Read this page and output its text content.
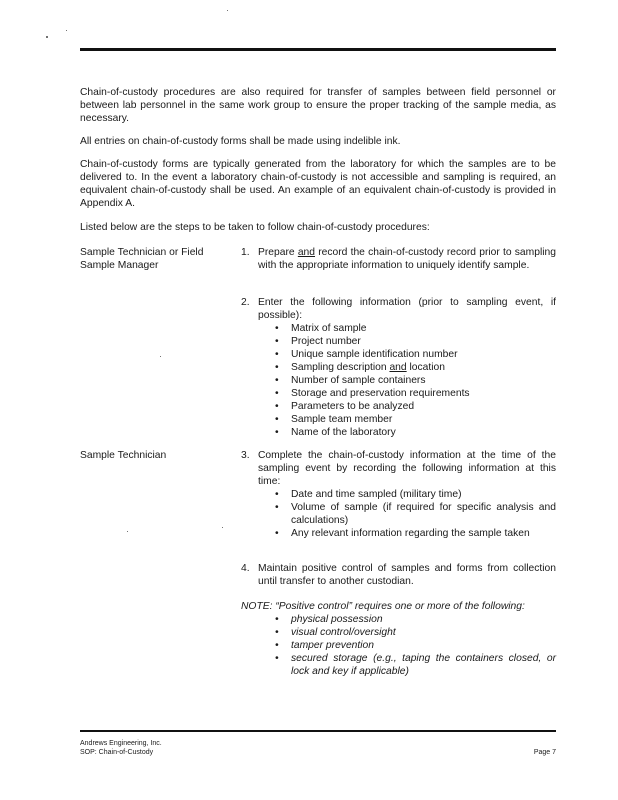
Chain-of-custody procedures are also required for transfer of samples between field personnel or between lab personnel in the same work group to ensure the proper tracking of the sample media, as necessary.

All entries on chain-of-custody forms shall be made using indelible ink.

Chain-of-custody forms are typically generated from the laboratory for which the samples are to be delivered to. In the event a laboratory chain-of-custody is not accessible and sampling is required, an equivalent chain-of-custody shall be used. An example of an equivalent chain-of-custody is provided in Appendix A.

Listed below are the steps to be taken to follow chain-of-custody procedures:

Sample Technician or Field Sample Manager

1. Prepare and record the chain-of-custody record prior to sampling with the appropriate information to uniquely identify sample.
2. Enter the following information (prior to sampling event, if possible):
• Matrix of sample
• Project number
• Unique sample identification number
• Sampling description and location
• Number of sample containers
• Storage and preservation requirements
• Parameters to be analyzed
• Sample team member
• Name of the laboratory

Sample Technician	3. Complete the chain-of-custody information at the time of the sampling event by recording the following information at this time:
• Date and time sampled (military time)
• Volume of sample (if required for specific analysis and calculations)
• Any relevant information regarding the sample taken
4. Maintain positive control of samples and forms from collection until transfer to another custodian.
NOTE: “Positive control” requires one or more of the following:
• physical possession
• visual control/oversight
• tamper prevention
• secured storage (e.g., taping the containers closed, or lock and key if applicable)
Andrews Engineering, Inc.
SOP: Chain-of-Custody	Page 7
